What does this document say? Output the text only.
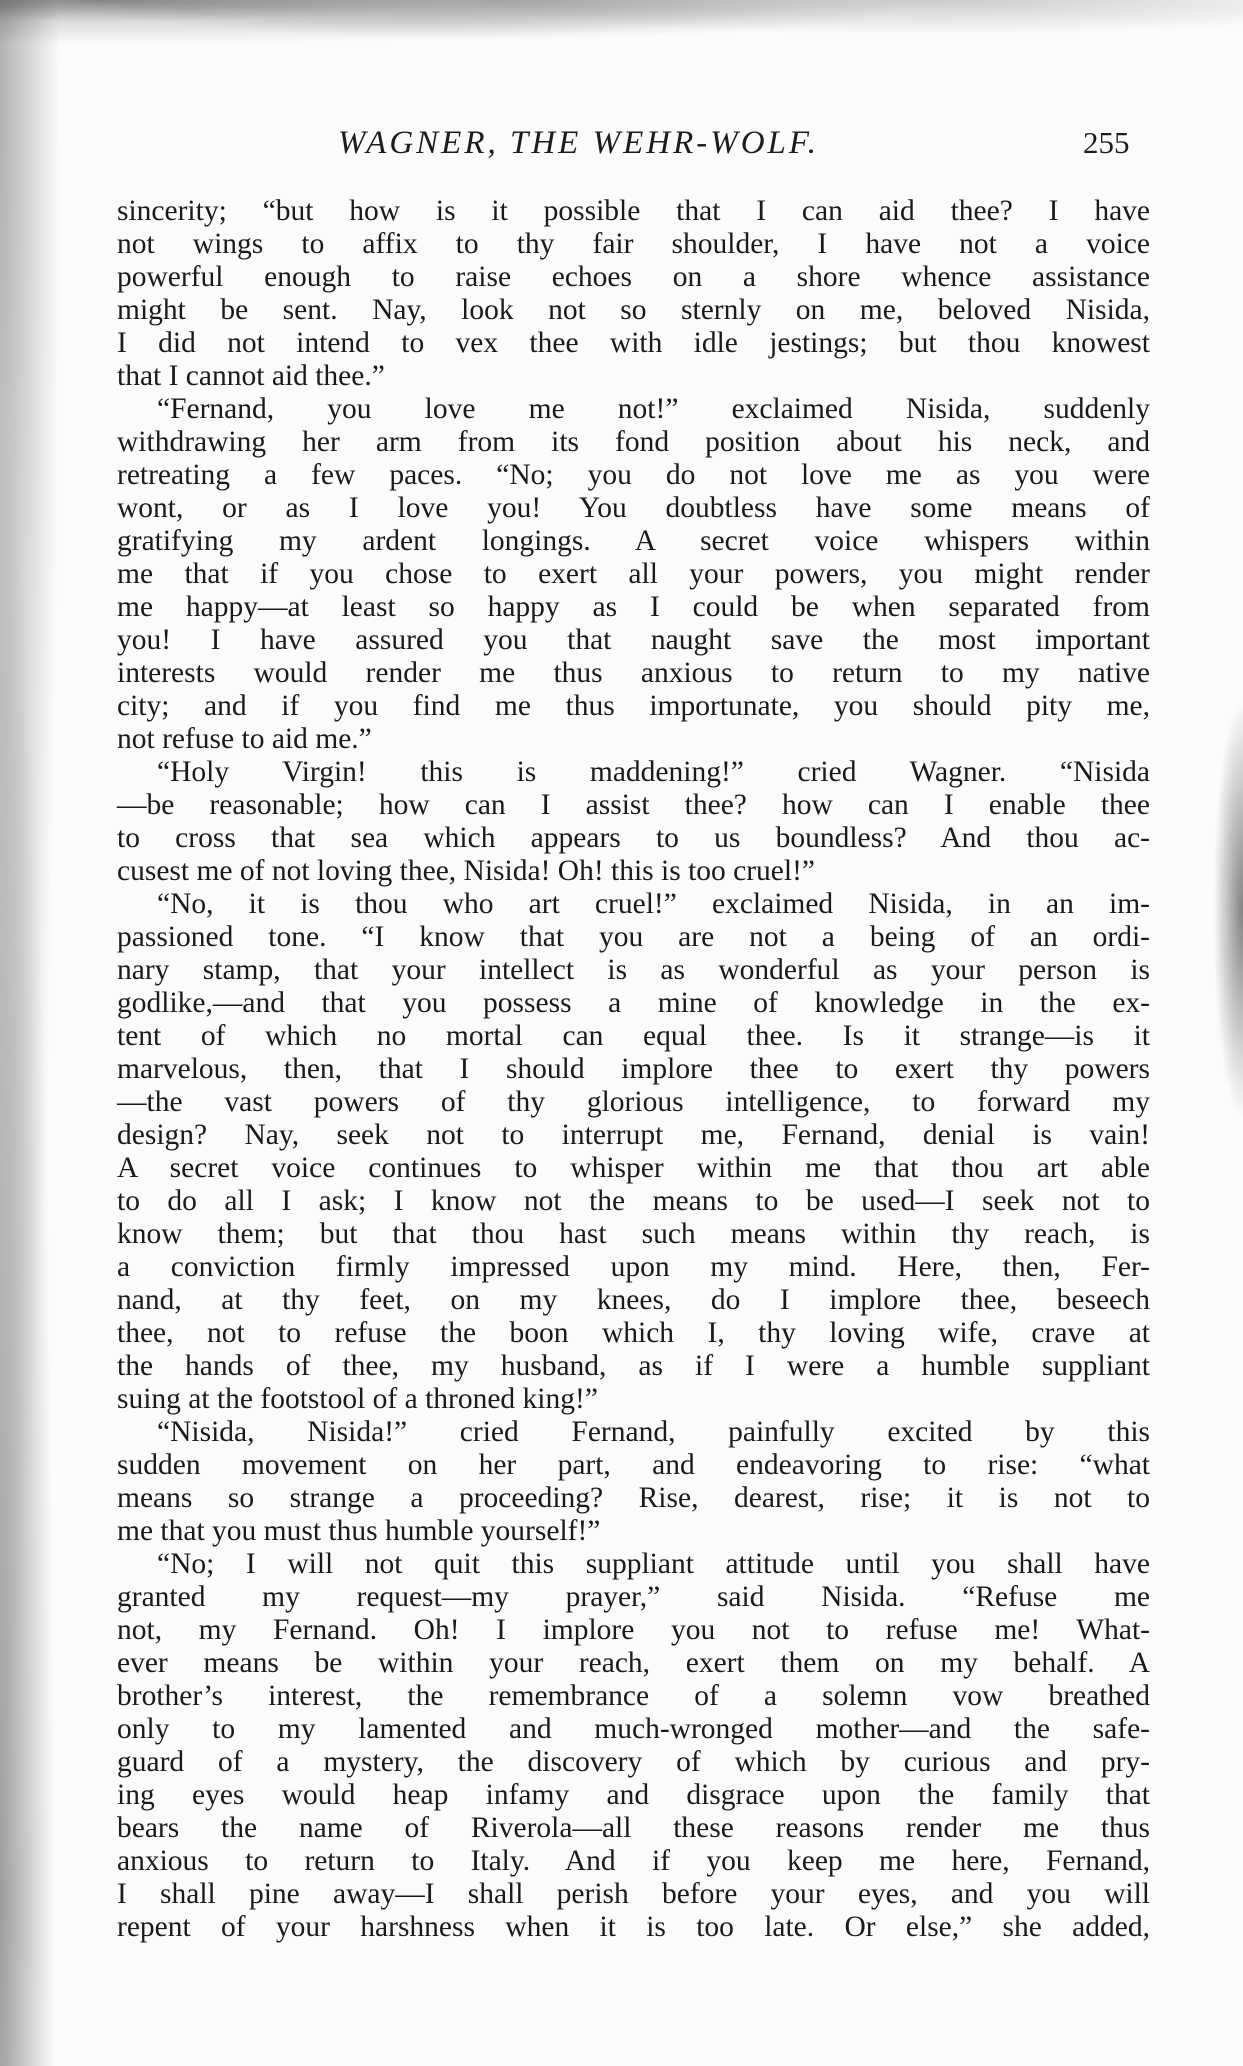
WAGNER, THE WEHR-WOLF.	255
sincerity; “but how is it possible that I can aid thee? I have
not wings to affix to thy fair shoulder, I have not a voice
powerful enough to raise echoes on a shore whence assistance
might be sent. Nay, look not so sternly on me, beloved Nisida,
I did not intend to vex thee with idle jestings; but thou knowest
that I cannot aid thee.”
“Fernand, you love me not!” exclaimed Nisida, suddenly
withdrawing her arm from its fond position about his neck, and
retreating a few paces. “No; you do not love me as you were
wont, or as I love you! You doubtless have some means of
gratifying my ardent longings. A secret voice whispers within
me that if you chose to exert all your powers, you might render
me happy—at least so happy as I could be when separated from
you! I have assured you that naught save the most important
interests would render me thus anxious to return to my native
city; and if you find me thus importunate, you should pity me,
not refuse to aid me.”
“Holy Virgin! this is maddening!” cried Wagner. “Nisida
—be reasonable; how can I assist thee? how can I enable thee
to cross that sea which appears to us boundless? And thou ac-
cusest me of not loving thee, Nisida! Oh! this is too cruel!”
“No, it is thou who art cruel!” exclaimed Nisida, in an im-
passioned tone. “I know that you are not a being of an ordi-
nary stamp, that your intellect is as wonderful as your person is
godlike,—and that you possess a mine of knowledge in the ex-
tent of which no mortal can equal thee. Is it strange—is it
marvelous, then, that I should implore thee to exert thy powers
—the vast powers of thy glorious intelligence, to forward my
design? Nay, seek not to interrupt me, Fernand, denial is vain!
A secret voice continues to whisper within me that thou art able
to do all I ask; I know not the means to be used—I seek not to
know them; but that thou hast such means within thy reach, is
a conviction firmly impressed upon my mind. Here, then, Fer-
nand, at thy feet, on my knees, do I implore thee, beseech
thee, not to refuse the boon which I, thy loving wife, crave at
the hands of thee, my husband, as if I were a humble suppliant
suing at the footstool of a throned king!”
“Nisida, Nisida!” cried Fernand, painfully excited by this
sudden movement on her part, and endeavoring to rise: “what
means so strange a proceeding? Rise, dearest, rise; it is not to
me that you must thus humble yourself!”
“No; I will not quit this suppliant attitude until you shall have
granted my request—my prayer,” said Nisida. “Refuse me
not, my Fernand. Oh! I implore you not to refuse me! What-
ever means be within your reach, exert them on my behalf. A
brother’s interest, the remembrance of a solemn vow breathed
only to my lamented and much-wronged mother—and the safe-
guard of a mystery, the discovery of which by curious and pry-
ing eyes would heap infamy and disgrace upon the family that
bears the name of Riverola—all these reasons render me thus
anxious to return to Italy. And if you keep me here, Fernand,
I shall pine away—I shall perish before your eyes, and you will
repent of your harshness when it is too late. Or else,” she added,
